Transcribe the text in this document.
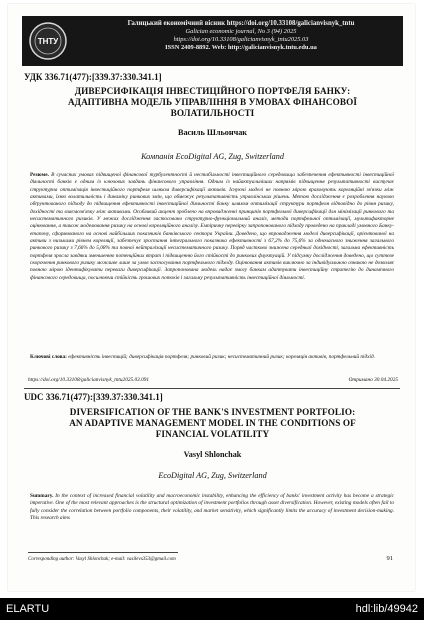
ТНТУ
Галицький економічний вісник https://doi.org/10.33108/galicianvisnyk_tntu
Galician economic journal, No 3 (94) 2025
https://doi.org/10.33108/galicianvisnyk_tntu2025.03
ISSN 2409-8892. Web: http://galicianvisnyk.tntu.edu.ua
УДК 336.71(477):[339.37:330.341.1]
ДИВЕРСИФІКАЦІЯ ІНВЕСТИЦІЙНОГО ПОРТФЕЛЯ БАНКУ:
АДАПТИВНА МОДЕЛЬ УПРАВЛІННЯ В УМОВАХ ФІНАНСОВОЇ
ВОЛАТИЛЬНОСТІ
Василь Шльончак
Компанія EcoDigital AG, Zug, Switzerland
Резюме. В сучасних умовах підвищеної фінансової турбулентності й нестабільності інвестиційного середовища забезпечення ефективності інвестиційної діяльності банків є одним із ключових завдань фінансового управління. Одним із найактуальніших напрямів підвищення результативності виступає структурна оптимізація інвестиційного портфеля шляхом диверсифікації активів. Існуючі моделі не повною мірою враховують кореляційні зв'язки між активами, їхню волатильність і динаміку ринкових змін, що обмежує результативність управлінських рішень. Метою дослідження є розроблення науково обґрунтованого підходу до підвищення ефективності інвестиційної діяльності банку шляхом оптимізації структури портфеля відповідно до рівня ризику, дохідності та взаємозв'язку між активами. Особливий акцент зроблено на впровадженні принципів портфельної диверсифікації для мінімізації ринкового та несистематичного ризиків. У межах дослідження застосовано структурно-функціональний аналіз, методи портфельної оптимізації, мультифакторне оцінювання, а також моделювання ризику на основі кореляційного аналізу. Емпіричну перевірку запропонованого підходу проведено на прикладі умовного Банку-етапону, сформованого на основі найбільших показників банківського сектора України. Доведено, що впровадження моделі диверсифікації, орієнтованої на активи з низькими рівнем кореляції, забезпечує зростання інтегрального показника ефективності з 67,2% до 75,6% за одночасного зниження загального ринкового ризику з 7,66% до 5,08% та повної нейтралізації несистематичного ризику. Поряд частково знижена середньої дохідності, загальна ефективність портфеля зросла завдяки зменшенню потенційних втрат і підвищенню його стійкості до ринкових флуктуацій. У підсумку дослідження доведено, що суттєве скорочення ринкового ризику можливе лише за умов застосування портфельного підходу. Оцінювання активів виключно за індивідуальною ознакою не дозволяє повною мірою ідентифікувати переваги диверсифікації. Запропонована модель надає змогу банкам адаптувати інвестиційну стратегію до динамічного фінансового середовища, посилюючи стійкість грошових потоків і загальну результативність інвестиційної діяльності.
Ключові слова: ефективність інвестицій; диверсифікація портфеля; ринковий ризик; несистематичний ризик; кореляція активів, портфельний підхід.
https://doi.org/10.33108/galicianvisnyk_tntu2025.03.091	Отримано 30.04.2025
UDC 336.71(477):[339.37:330.341.1]
DIVERSIFICATION OF THE BANK'S INVESTMENT PORTFOLIO:
AN ADAPTIVE MANAGEMENT MODEL IN THE CONDITIONS OF
FINANCIAL VOLATILITY
Vasyl Shlonchak
EcoDigital AG, Zug, Switzerland
Summary. In the context of increased financial volatility and macroeconomic instability, enhancing the efficiency of banks' investment activity has become a strategic imperative. One of the most relevant approaches is the structural optimization of investment portfolios through asset diversification. However, existing models often fail to fully consider the correlation between portfolio components, their volatility, and market sensitivity, which significantly limits the accuracy of investment decision-making. This research aims
Corresponding author: Vasyl Shlonchak; e-mail: vasilevs353@gmail.com	91
ELARTU	hdl:lib/49942
